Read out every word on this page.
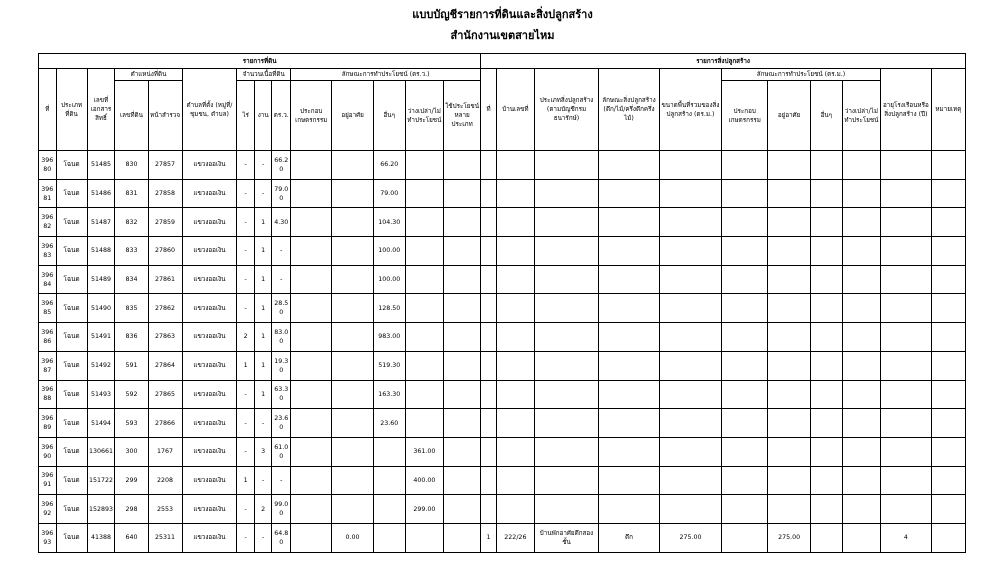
แบบบัญชีรายการที่ดินและสิ่งปลูกสร้าง
สำนักงานเขตสายไหม
รายการที่ดิน														รายการสิ่งปลูกสร้าง										
ที่	ประเภทที่ดิน	เลขที่เอกสารสิทธิ์	ตำแหน่งที่ดิน		ตำบลที่ตั้ง (หมู่ที่/ชุมชน, ตำบล)	จำนวนเนื้อที่ดิน			ลักษณะการทำประโยชน์ (ตร.ว.)					ที่	บ้านเลขที่	ประเภทสิ่งปลูกสร้าง (ตามบัญชีกรมธนารักษ์)	ลักษณะสิ่งปลูกสร้าง (ตึก/ไม้/ครึ่งตึกครึ่งไม้)	ขนาดพื้นที่รวมของสิ่งปลูกสร้าง (ตร.ม.)	ลักษณะการทำประโยชน์ (ตร.ม.)				อายุโรงเรือนหรือสิ่งปลูกสร้าง (ปี)	หมายเหตุ
			เลขที่ดิน	หน้าสำรวจ		ไร่	งาน	ตร.ว.	ประกอบเกษตรกรรม	อยู่อาศัย	อื่นๆ	ว่างเปล่า/ไม่ทำประโยชน์	ใช้ประโยชน์หลายประเภท						ประกอบเกษตรกรรม	อยู่อาศัย	อื่นๆ	ว่างเปล่า/ไม่ทำประโยชน์		
39680	โฉนด	51485	830	27857	แขวงออเงิน	-	-	66.20			66.20													
39681	โฉนด	51486	831	27858	แขวงออเงิน	-	-	79.00			79.00													
39682	โฉนด	51487	832	27859	แขวงออเงิน	-	1	4.30			104.30													
39683	โฉนด	51488	833	27860	แขวงออเงิน	-	1	-			100.00													
39684	โฉนด	51489	834	27861	แขวงออเงิน	-	1	-			100.00													
39685	โฉนด	51490	835	27862	แขวงออเงิน	-	1	28.50			128.50													
39686	โฉนด	51491	836	27863	แขวงออเงิน	2	1	83.00			983.00													
39687	โฉนด	51492	591	27864	แขวงออเงิน	1	1	19.30			519.30													
39688	โฉนด	51493	592	27865	แขวงออเงิน	-	1	63.30			163.30													
39689	โฉนด	51494	593	27866	แขวงออเงิน	-	-	23.60			23.60													
39690	โฉนด	130661	300	1767	แขวงออเงิน	-	3	61.00				361.00												
39691	โฉนด	151722	299	2208	แขวงออเงิน	1	-	-				400.00												
39692	โฉนด	152893	298	2553	แขวงออเงิน	-	2	99.00				299.00												
39693	โฉนด	41388	640	25311	แขวงออเงิน	-	-	64.80		0.00				1	222/26	บ้านพักอาศัยตึกสองชั้น	ตึก	275.00		275.00			4	
